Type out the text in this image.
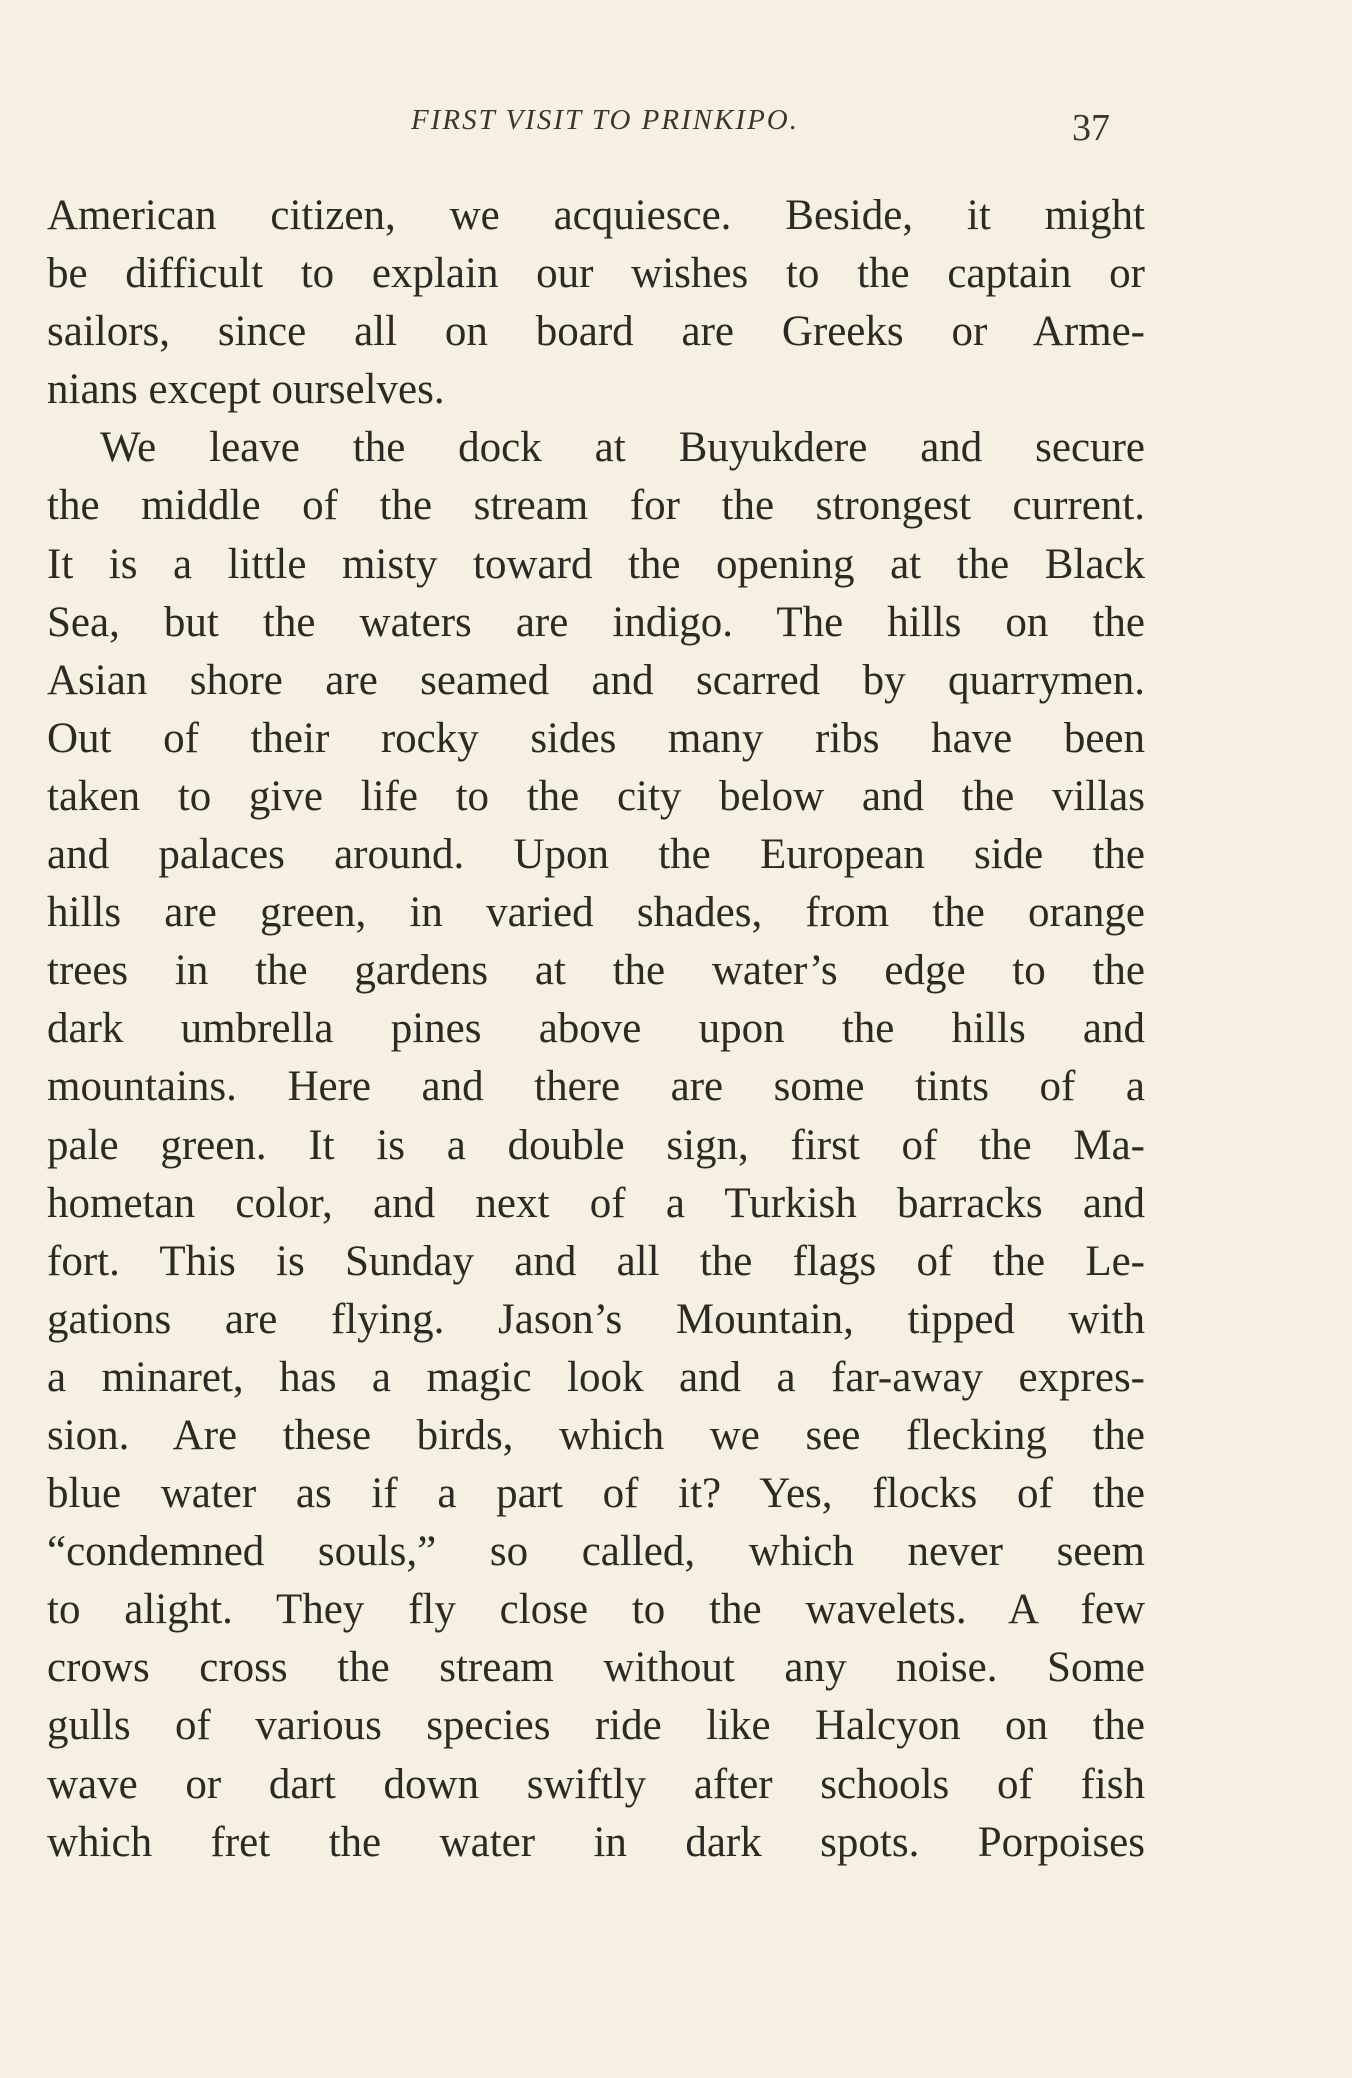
FIRST VISIT TO PRINKIPO.	37
American citizen, we acquiesce. Beside, it might
be difficult to explain our wishes to the captain or
sailors, since all on board are Greeks or Arme-
nians except ourselves.
We leave the dock at Buyukdere and secure
the middle of the stream for the strongest current.
It is a little misty toward the opening at the Black
Sea, but the waters are indigo. The hills on the
Asian shore are seamed and scarred by quarrymen.
Out of their rocky sides many ribs have been
taken to give life to the city below and the villas
and palaces around. Upon the European side the
hills are green, in varied shades, from the orange
trees in the gardens at the water’s edge to the
dark umbrella pines above upon the hills and
mountains. Here and there are some tints of a
pale green. It is a double sign, first of the Ma-
hometan color, and next of a Turkish barracks and
fort. This is Sunday and all the flags of the Le-
gations are flying. Jason’s Mountain, tipped with
a minaret, has a magic look and a far-away expres-
sion. Are these birds, which we see flecking the
blue water as if a part of it? Yes, flocks of the
“condemned souls,” so called, which never seem
to alight. They fly close to the wavelets. A few
crows cross the stream without any noise. Some
gulls of various species ride like Halcyon on the
wave or dart down swiftly after schools of fish
which fret the water in dark spots. Porpoises
